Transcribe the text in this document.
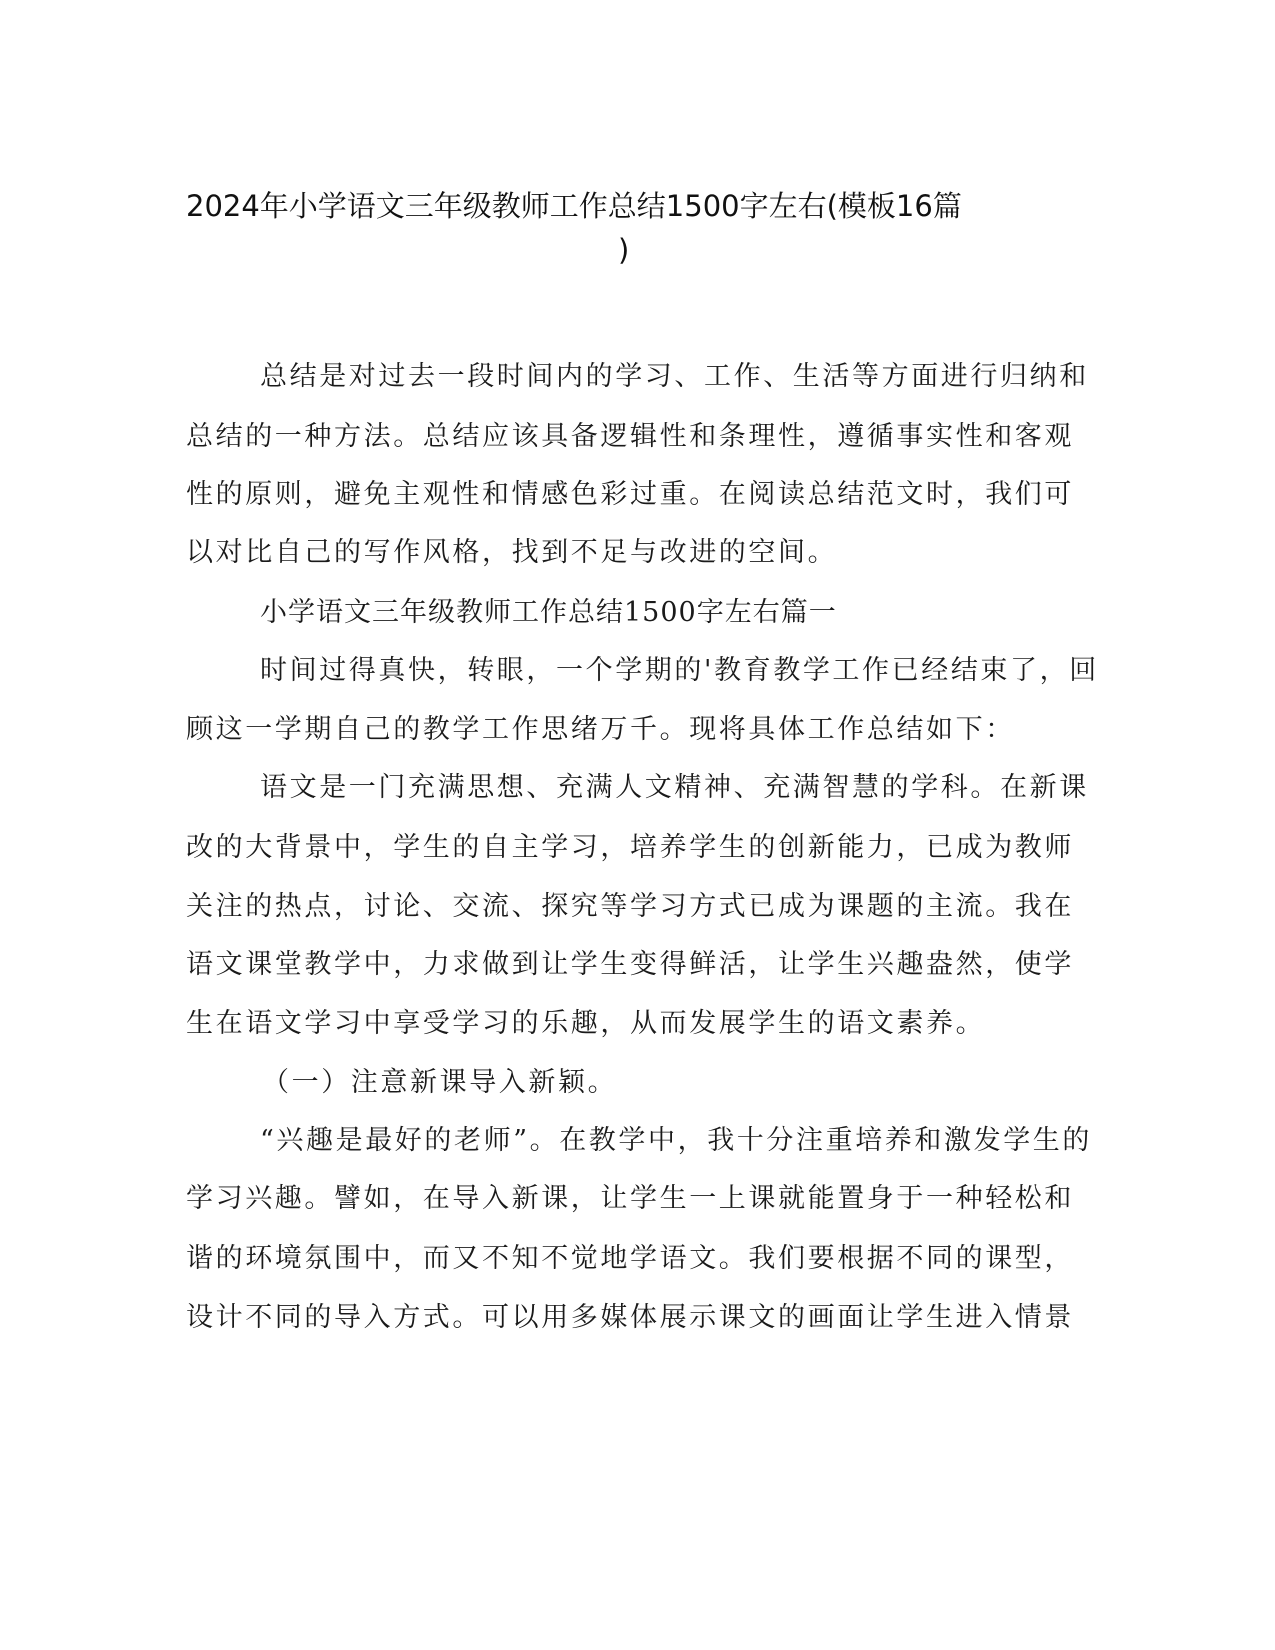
2024年小学语文三年级教师工作总结1500字左右(模板16篇
)
总结是对过去一段时间内的学习、工作、生活等方面进行归纳和
总结的一种方法。总结应该具备逻辑性和条理性，遵循事实性和客观
性的原则，避免主观性和情感色彩过重。在阅读总结范文时，我们可
以对比自己的写作风格，找到不足与改进的空间。
小学语文三年级教师工作总结1500字左右篇一
时间过得真快，转眼，一个学期的'教育教学工作已经结束了，回
顾这一学期自己的教学工作思绪万千。现将具体工作总结如下：
语文是一门充满思想、充满人文精神、充满智慧的学科。在新课
改的大背景中，学生的自主学习，培养学生的创新能力，已成为教师
关注的热点，讨论、交流、探究等学习方式已成为课题的主流。我在
语文课堂教学中，力求做到让学生变得鲜活，让学生兴趣盎然，使学
生在语文学习中享受学习的乐趣，从而发展学生的语文素养。
（一）注意新课导入新颖。
“兴趣是最好的老师”。在教学中，我十分注重培养和激发学生的
学习兴趣。譬如，在导入新课，让学生一上课就能置身于一种轻松和
谐的环境氛围中，而又不知不觉地学语文。我们要根据不同的课型，
设计不同的导入方式。可以用多媒体展示课文的画面让学生进入情景
